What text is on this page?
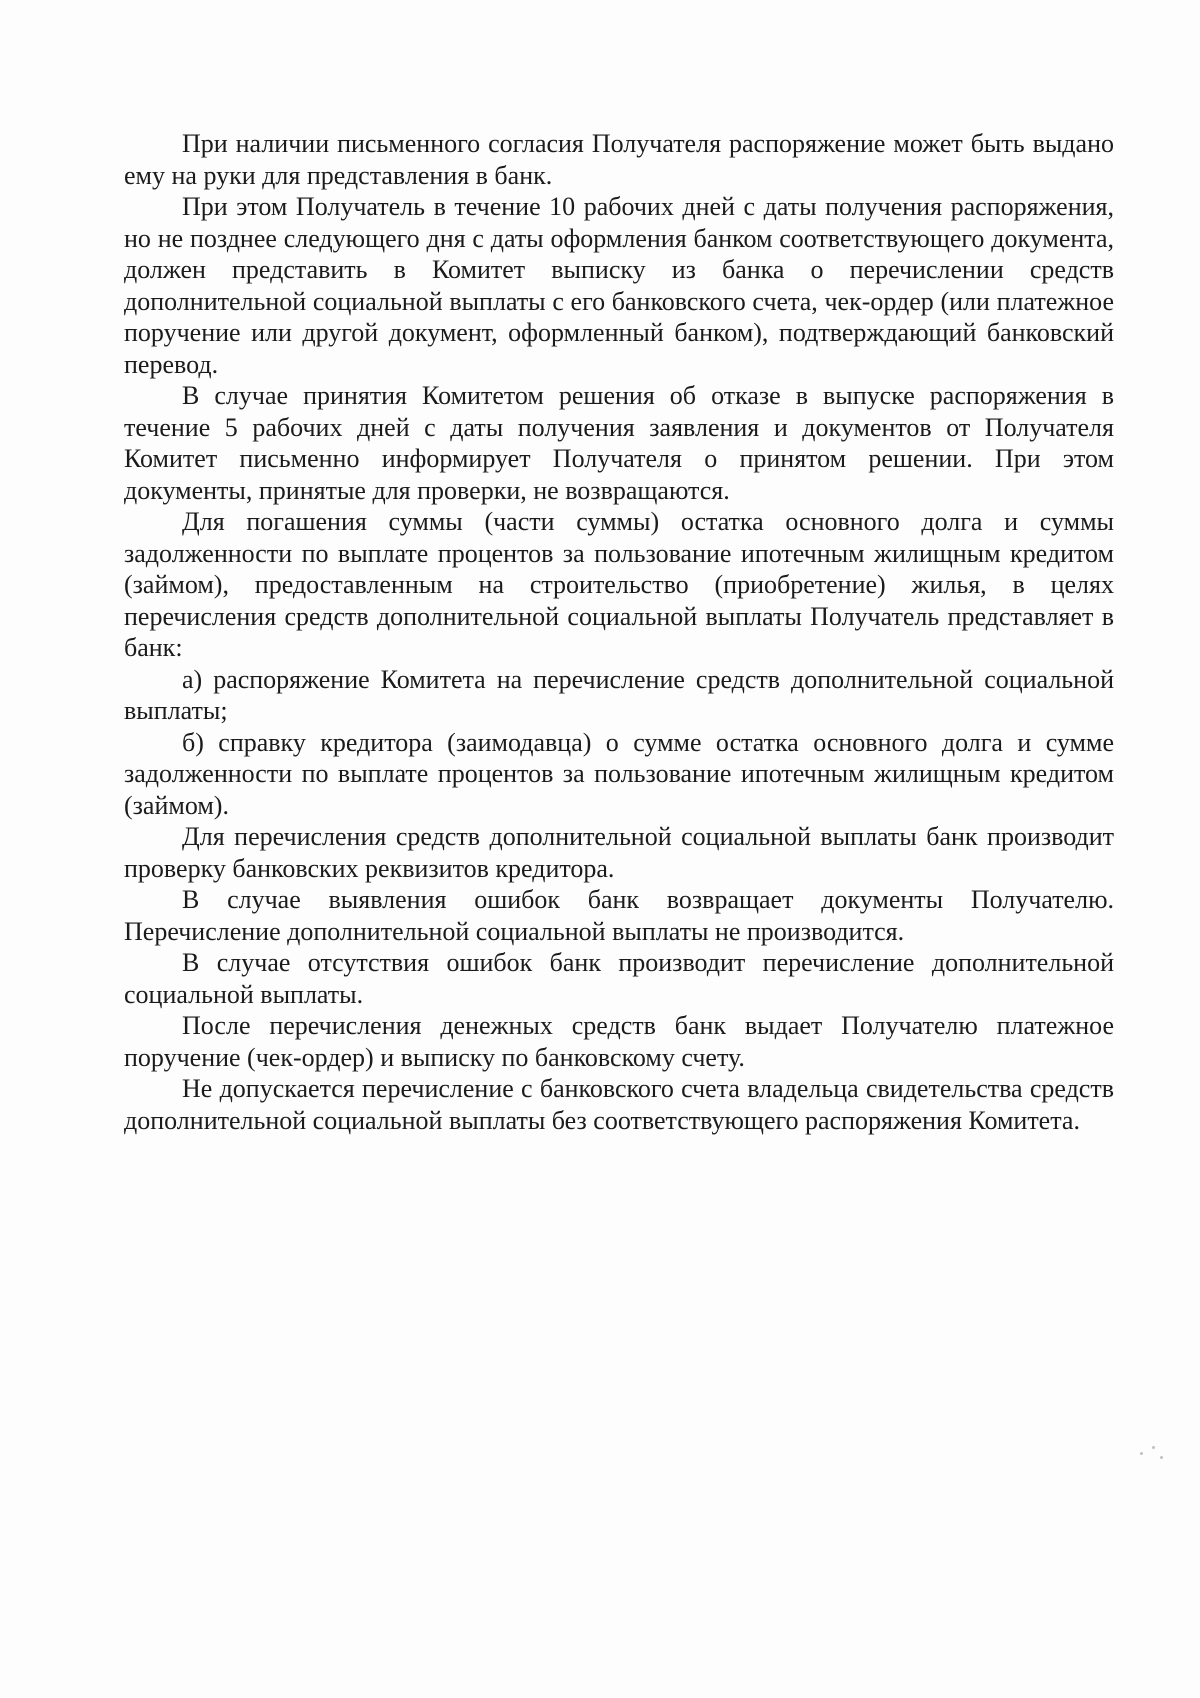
При наличии письменного согласия Получателя распоряжение может быть выдано ему на руки для представления в банк.

При этом Получатель в течение 10 рабочих дней с даты получения распоряжения, но не позднее следующего дня с даты оформления банком соответствующего документа, должен представить в Комитет выписку из банка о перечислении средств дополнительной социальной выплаты с его банковского счета, чек-ордер (или платежное поручение или другой документ, оформленный банком), подтверждающий банковский перевод.

В случае принятия Комитетом решения об отказе в выпуске распоряжения в течение 5 рабочих дней с даты получения заявления и документов от Получателя Комитет письменно информирует Получателя о принятом решении. При этом документы, принятые для проверки, не возвращаются.

Для погашения суммы (части суммы) остатка основного долга и суммы задолженности по выплате процентов за пользование ипотечным жилищным кредитом (займом), предоставленным на строительство (приобретение) жилья, в целях перечисления средств дополнительной социальной выплаты Получатель представляет в банк:

а) распоряжение Комитета на перечисление средств дополнительной социальной выплаты;

б) справку кредитора (заимодавца) о сумме остатка основного долга и сумме задолженности по выплате процентов за пользование ипотечным жилищным кредитом (займом).

Для перечисления средств дополнительной социальной выплаты банк производит проверку банковских реквизитов кредитора.

В случае выявления ошибок банк возвращает документы Получателю. Перечисление дополнительной социальной выплаты не производится.

В случае отсутствия ошибок банк производит перечисление дополнительной социальной выплаты.

После перечисления денежных средств банк выдает Получателю платежное поручение (чек-ордер) и выписку по банковскому счету.

Не допускается перечисление с банковского счета владельца свидетельства средств дополнительной социальной выплаты без соответствующего распоряжения Комитета.
